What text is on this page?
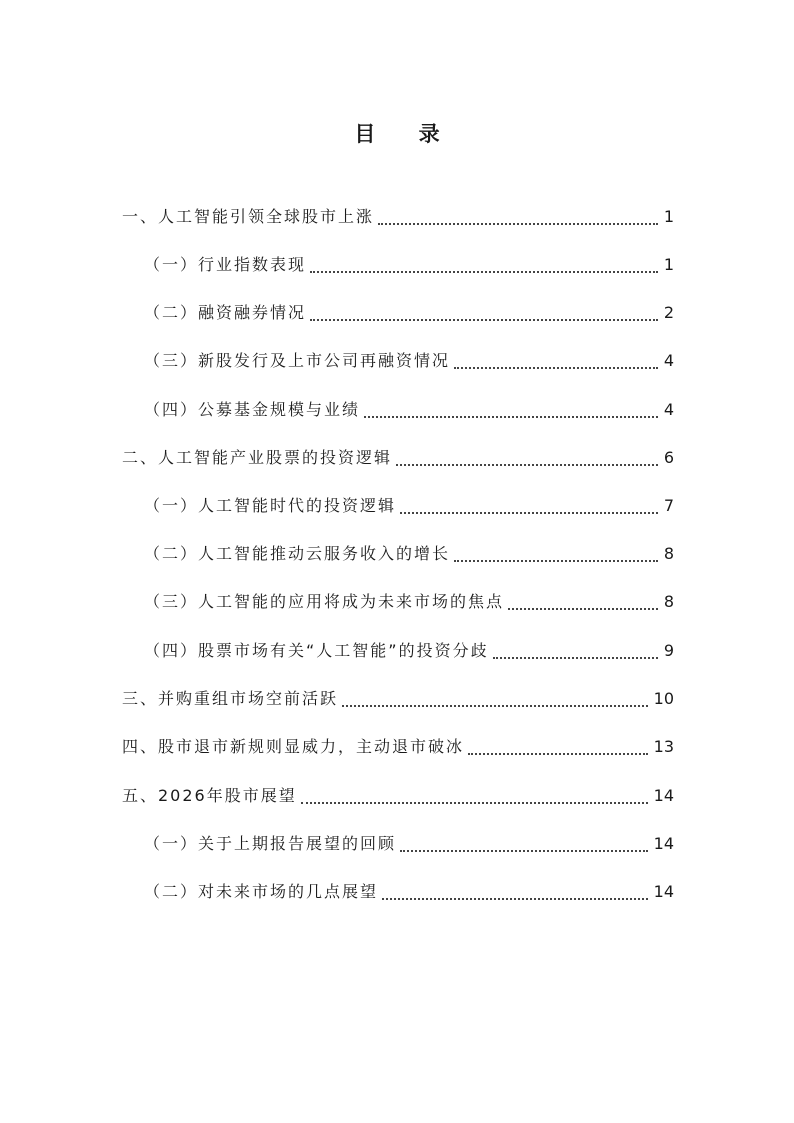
目 录
一、人工智能引领全球股市上涨	1
（一）行业指数表现	1
（二）融资融券情况	2
（三）新股发行及上市公司再融资情况	4
（四）公募基金规模与业绩	4
二、人工智能产业股票的投资逻辑	6
（一）人工智能时代的投资逻辑	7
（二）人工智能推动云服务收入的增长	8
（三）人工智能的应用将成为未来市场的焦点	8
（四）股票市场有关“人工智能”的投资分歧	9
三、并购重组市场空前活跃	10
四、股市退市新规则显威力，主动退市破冰	13
五、2026年股市展望	14
（一）关于上期报告展望的回顾	14
（二）对未来市场的几点展望	14
